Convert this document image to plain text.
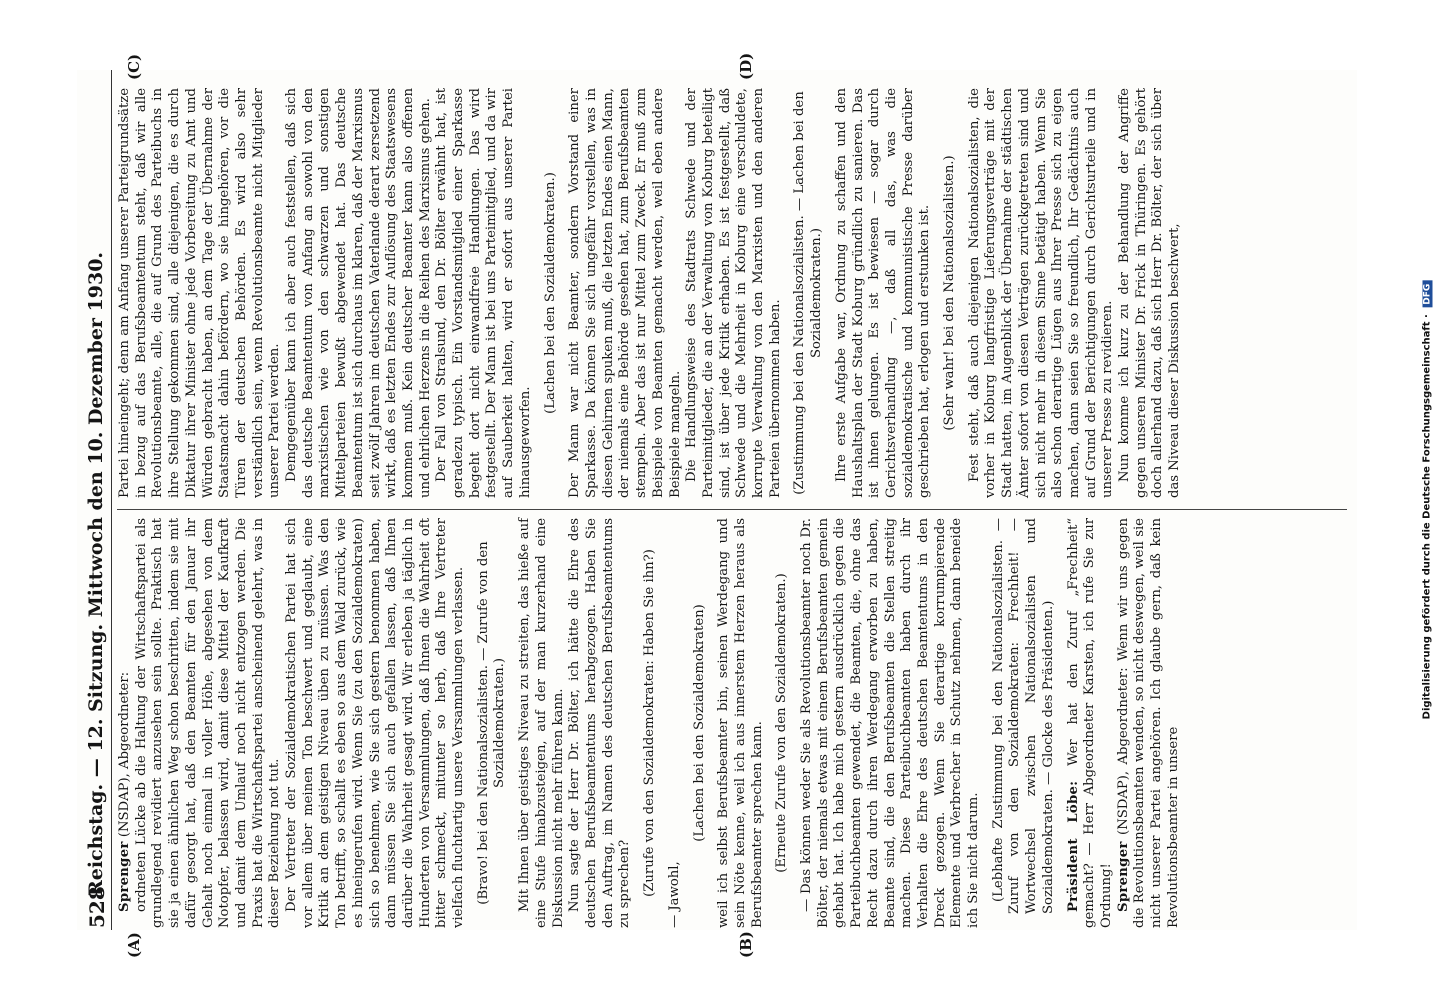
528
Reichstag. — 12. Sitzung. Mittwoch den 10. Dezember 1930. Sprenger (NSDAP), Abgeordneter: ordneten Lücke ab die Haltung der Wirtschaftspartei als grundlegend revidiert anzusehen sein sollte. Praktisch hat sie ja einen ähnlichen Weg schon beschritten, indem sie mit dafür gesorgt hat, daß den Beamten für den Januar ihr Gehalt noch einmal in voller Höhe, abgesehen von dem Notopfer, belassen wird, damit diese Mittel der Kaufkraft und damit dem Umlauf noch nicht entzogen werden. Die Praxis hat die Wirtschaftspartei anscheinend gelehrt, was in dieser Beziehung not tut. Der Vertreter der Sozialdemokratischen Partei hat sich vor allem über meinen Ton beschwert und geglaubt, eine Kritik an dem geistigen Niveau üben zu müssen. Was den Ton betrifft, so schallt es eben so aus dem Wald zurück, wie es hineingerufen wird. Wenn Sie (zu den Sozialdemokraten) sich so benehmen, wie Sie sich gestern benommen haben, dann müssen Sie sich auch gefallen lassen, daß Ihnen darüber die Wahrheit gesagt wird. Wir erleben ja täglich in Hunderten von Versammlungen, daß Ihnen die Wahrheit oft bitter schmeckt, mitunter so herb, daß Ihre Vertreter vielfach fluchtartig unsere Versammlungen verlassen. (Bravo! bei den Nationalsozialisten. — Zurufe von den Sozialdemokraten.) Mit Ihnen über geistiges Niveau zu streiten, das hieße auf eine Stufe hinabzusteigen, auf der man kurzerhand eine Diskussion nicht mehr führen kann. Nun sagte der Herr Dr. Bölter, ich hätte die Ehre des deutschen Berufsbeamtentums herabgezogen. Haben Sie den Auftrag, im Namen des deutschen Berufsbeamtentums zu sprechen? (Zurufe von den Sozialdemokraten: Haben Sie ihn?) — Jawohl,

(Lachen bei den Sozialdemokraten) weil ich selbst Berufsbeamter bin, seinen Werdegang und sein Nöte kenne, weil ich aus innerstem Herzen heraus als Berufsbeamter sprechen kann. (Erneute Zurufe von den Sozialdemokraten.) — Das können weder Sie als Revolutionsbeamter noch Dr. Bölter, der niemals etwas mit einem Berufsbeamten gemein gehabt hat. Ich habe mich gestern ausdrücklich gegen die Parteibuchbeamten gewendet, die Beamten, die, ohne das Recht dazu durch ihren Werdegang erworben zu haben, Beamte sind, die den Berufsbeamten die Stellen streitig machen. Diese Parteibuchbeamten haben durch ihr Verhalten die Ehre des deutschen Beamtentums in den Dreck gezogen. Wenn Sie derartige korrumpierende Elemente und Verbrecher in Schutz nehmen, dann beneide ich Sie nicht darum. (Lebhafte Zustimmung bei den Nationalsozialisten. — Zuruf von den Sozialdemokraten: Frechheit! — Wortwechsel zwischen Nationalsozialisten und Sozialdemokraten. — Glocke des Präsidenten.) Präsident Löbe: Wer hat den Zuruf „Frechheit“ gemacht? — Herr Abgeordneter Karsten, ich rufe Sie zur Ordnung! Sprenger (NSDAP), Abgeordneter: Wenn wir uns gegen die Revolutionsbeamten wenden, so nicht deswegen, weil sie nicht unserer Partei angehören. Ich glaube gern, daß kein Revolutionsbeamter in unsere

Partei hineingeht; denn am Anfang unserer Parteigrundsätze in bezug auf das Berufsbeamtentum steht, daß wir alle Revolutionsbeamte, alle, die auf Grund des Parteibuchs in ihre Stellung gekommen sind, alle diejenigen, die es durch Diktatur ihrer Minister ohne jede Vorbereitung zu Amt und Würden gebracht haben, an dem Tage der Übernahme der Staatsmacht dahin befördern, wo sie hingehören, vor die Türen der deutschen Behörden. Es wird also sehr verständlich sein, wenn Revolutionsbeamte nicht Mitglieder unserer Partei werden. Demgegenüber kann ich aber auch feststellen, daß sich das deutsche Beamtentum von Anfang an sowohl von den marxistischen wie von den schwarzen und sonstigen Mittelparteien bewußt abgewendet hat. Das deutsche Beamtentum ist sich durchaus im klaren, daß der Marxismus seit zwölf Jahren im deutschen Vaterlande derart zersetzend wirkt, daß es letzten Endes zur Auflösung des Staatswesens kommen muß. Kein deutscher Beamter kann also offenen und ehrlichen Herzens in die Reihen des Marxismus gehen. Der Fall von Stralsund, den Dr. Bölter erwähnt hat, ist geradezu typisch. Ein Vorstandsmitglied einer Sparkasse begeht dort nicht einwandfreie Handlungen. Das wird festgestellt. Der Mann ist bei uns Parteimitglied, und da wir auf Sauberkeit halten, wird er sofort aus unserer Partei hinausgeworfen.

(Lachen bei den Sozialdemokraten.) Der Mann war nicht Beamter, sondern Vorstand einer Sparkasse. Da können Sie sich ungefähr vorstellen, was in diesen Gehirnen spuken muß, die letzten Endes einen Mann, der niemals eine Behörde gesehen hat, zum Berufsbeamten stempeln. Aber das ist nur Mittel zum Zweck. Er muß zum Beispiele von Beamten gemacht werden, weil eben andere Beispiele mangeln. Die Handlungsweise des Stadtrats Schwede und der Parteimitglieder, die an der Verwaltung von Koburg beteiligt sind, ist über jede Kritik erhaben. Es ist festgestellt, daß Schwede und die Mehrheit in Koburg eine verschuldete, korrupte Verwaltung von den Marxisten und den anderen Parteien übernommen haben. (Zustimmung bei den Nationalsozialisten. — Lachen bei den Sozialdemokraten.) Ihre erste Aufgabe war, Ordnung zu schaffen und den Haushaltsplan der Stadt Koburg gründlich zu sanieren. Das ist ihnen gelungen. Es ist bewiesen — sogar durch Gerichtsverhandlung —, daß all das, was die sozialdemokratische und kommunistische Presse darüber geschrieben hat, erlogen und erstunken ist. (Sehr wahr! bei den Nationalsozialisten.) Fest steht, daß auch diejenigen Nationalsozialisten, die vorher in Koburg langfristige Lieferungsverträge mit der Stadt hatten, im Augenblick der Übernahme der städtischen Ämter sofort von diesen Verträgen zurückgetreten sind und sich nicht mehr in diesem Sinne betätigt haben. Wenn Sie also schon derartige Lügen aus Ihrer Presse sich zu eigen machen, dann seien Sie so freundlich, Ihr Gedächtnis auch auf Grund der Berichtigungen durch Gerichtsurteile und in unserer Presse zu revidieren. Nun komme ich kurz zu der Behandlung der Angriffe gegen unseren Minister Dr. Frick in Thüringen. Es gehört doch allerhand dazu, daß sich Herr Dr. Bölter, der sich über das Niveau dieser Diskussion beschwert,

(A)	(B)
(C)	(D)
Digitalisierung gefördert durch die Deutsche Forschungsgemeinschaft · DFG
